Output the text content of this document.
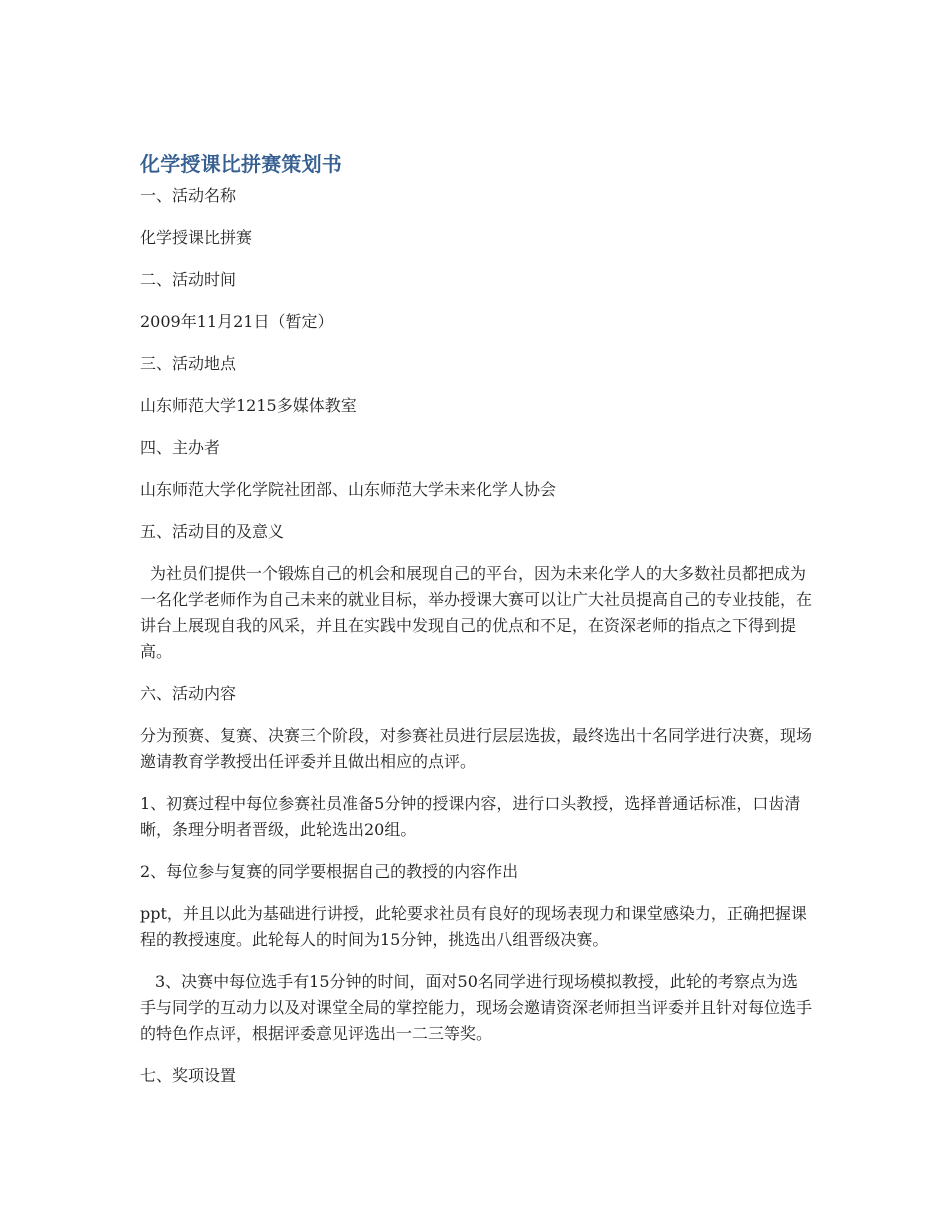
化学授课比拼赛策划书

一、活动名称

化学授课比拼赛

二、活动时间

2009年11月21日（暂定）

三、活动地点

山东师范大学1215多媒体教室

四、主办者

山东师范大学化学院社团部、山东师范大学未来化学人协会

五、活动目的及意义

为社员们提供一个锻炼自己的机会和展现自己的平台，因为未来化学人的大多数社员都把成为一名化学老师作为自己未来的就业目标，举办授课大赛可以让广大社员提高自己的专业技能，在讲台上展现自我的风采，并且在实践中发现自己的优点和不足，在资深老师的指点之下得到提高。

六、活动内容

分为预赛、复赛、决赛三个阶段，对参赛社员进行层层选拔，最终选出十名同学进行决赛，现场邀请教育学教授出任评委并且做出相应的点评。

1、初赛过程中每位参赛社员准备5分钟的授课内容，进行口头教授，选择普通话标准，口齿清晰，条理分明者晋级，此轮选出20组。

2、每位参与复赛的同学要根据自己的教授的内容作出

ppt，并且以此为基础进行讲授，此轮要求社员有良好的现场表现力和课堂感染力，正确把握课程的教授速度。此轮每人的时间为15分钟，挑选出八组晋级决赛。

3、决赛中每位选手有15分钟的时间，面对50名同学进行现场模拟教授，此轮的考察点为选手与同学的互动力以及对课堂全局的掌控能力，现场会邀请资深老师担当评委并且针对每位选手的特色作点评，根据评委意见评选出一二三等奖。

七、奖项设置
